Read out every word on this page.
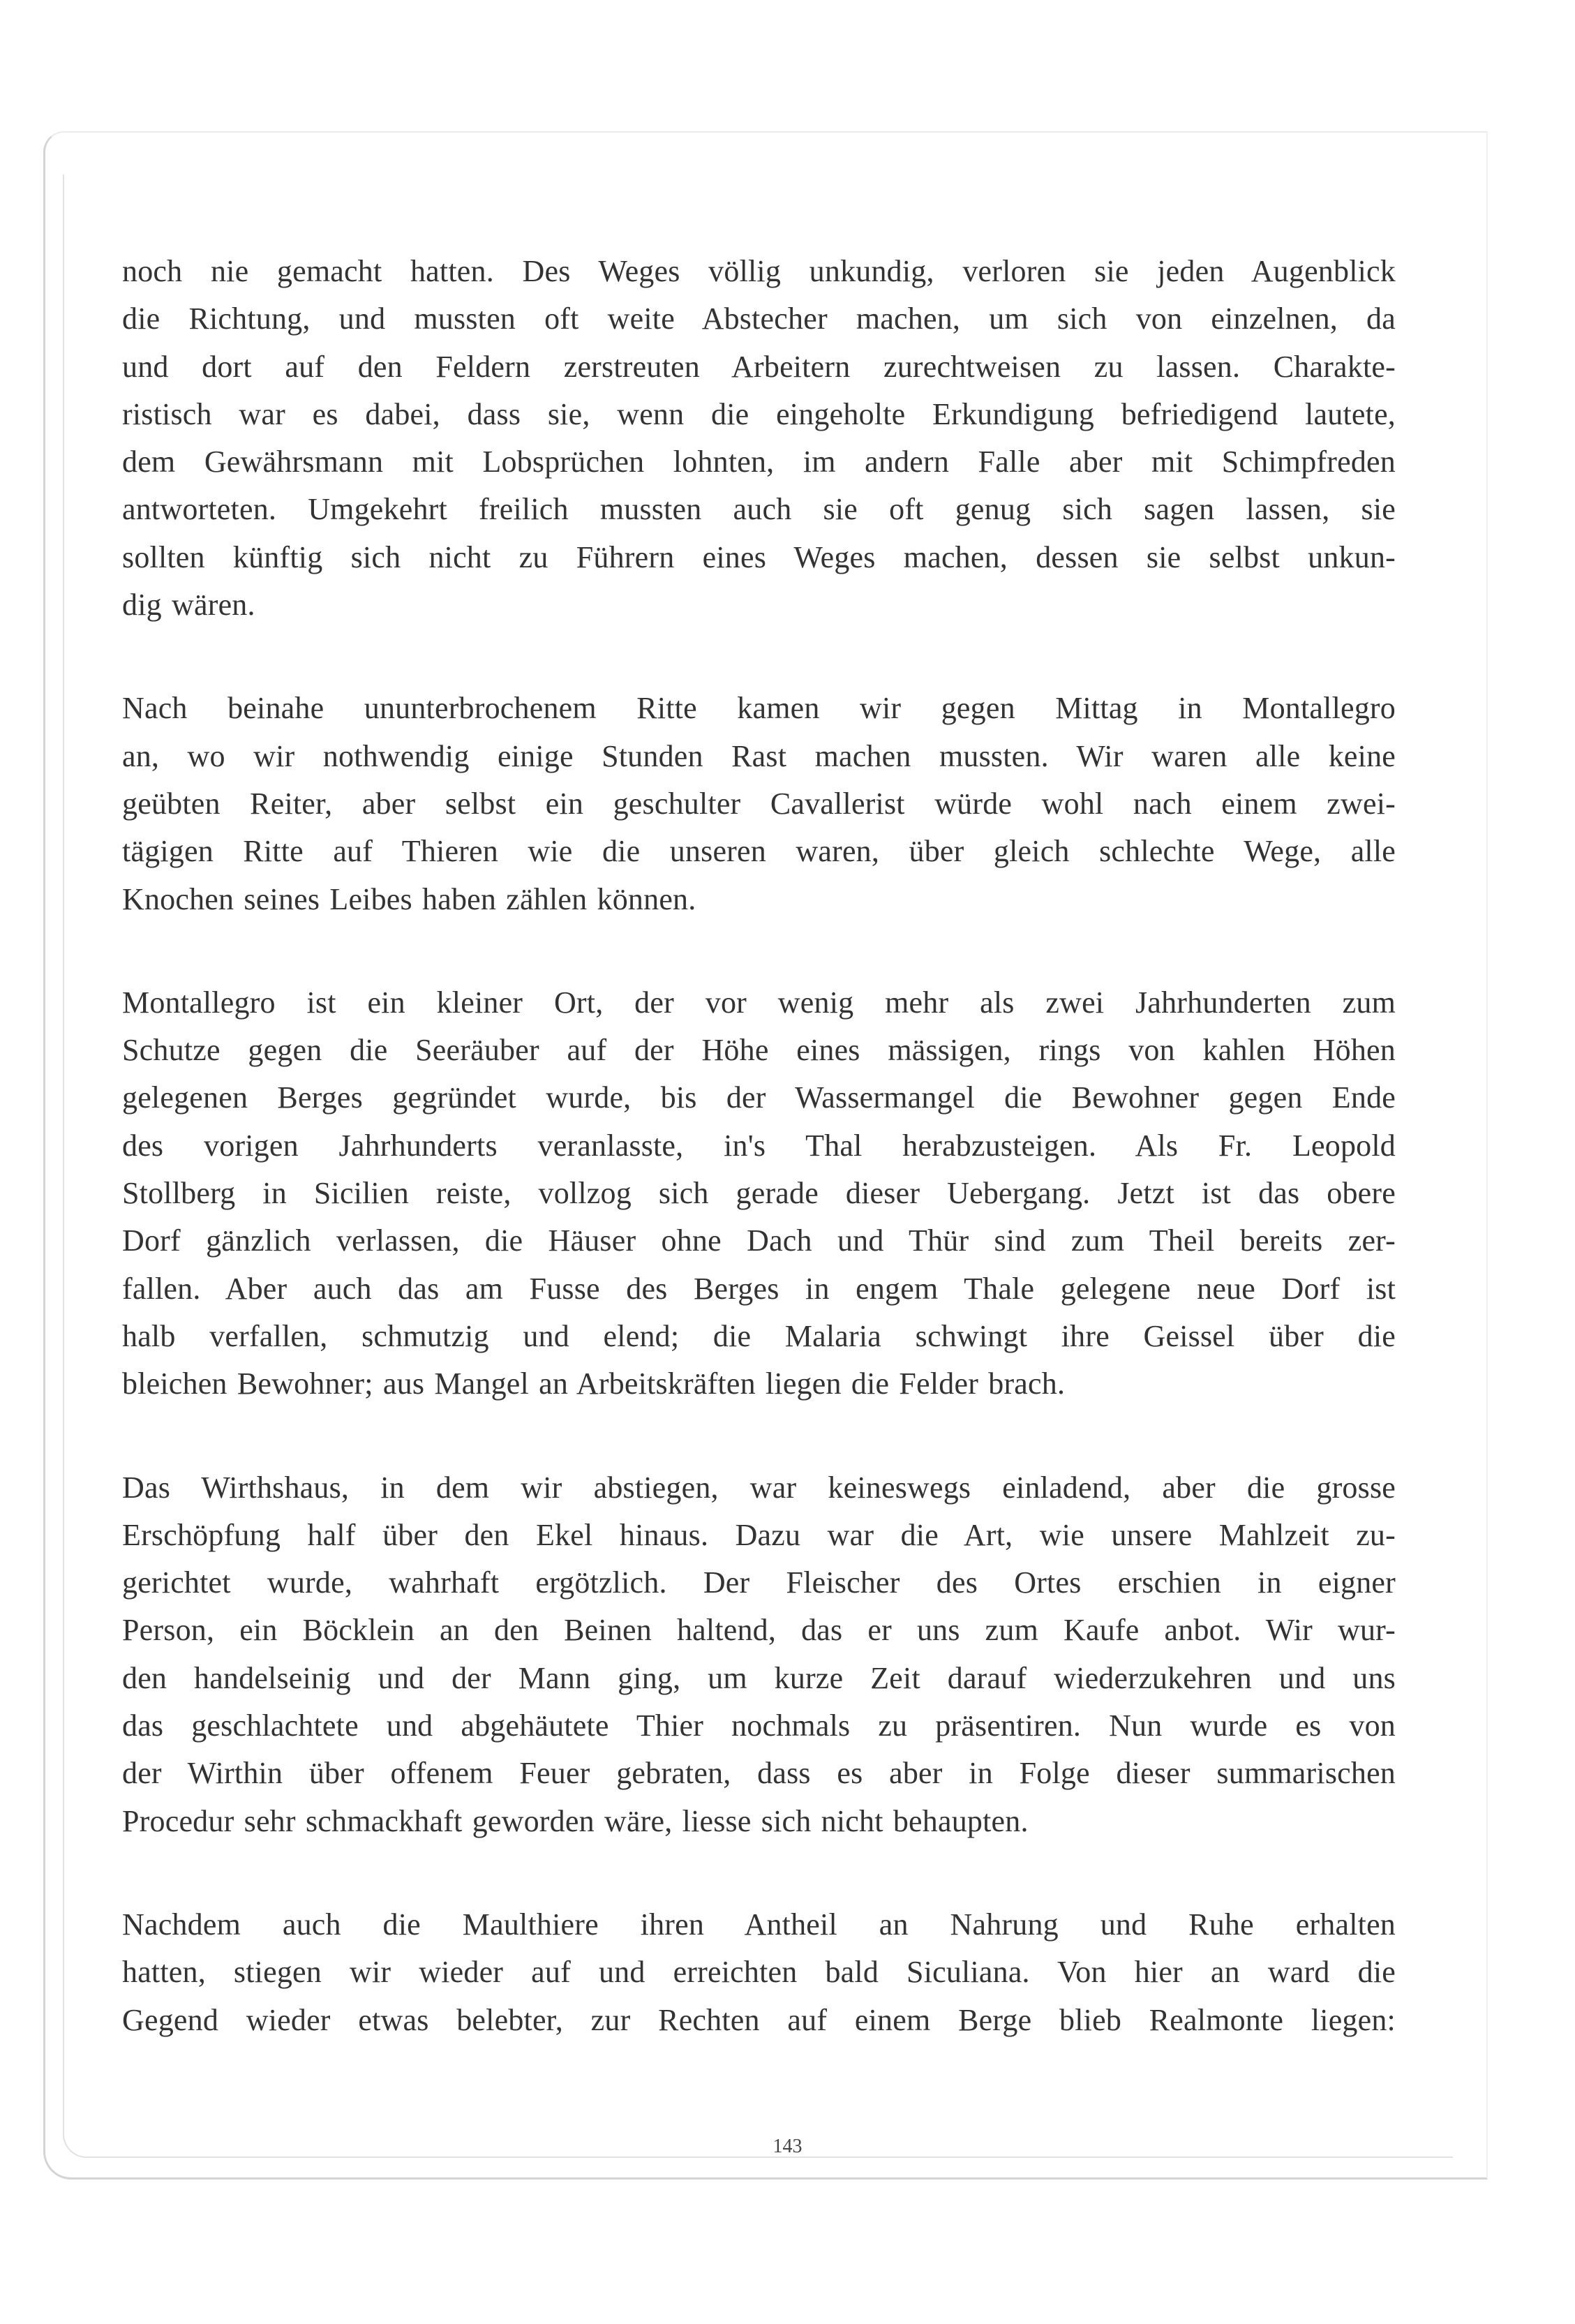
noch nie gemacht hatten. Des Weges völlig unkundig, verloren sie jeden Augenblick
die Richtung, und mussten oft weite Abstecher machen, um sich von einzelnen, da
und dort auf den Feldern zerstreuten Arbeitern zurechtweisen zu lassen. Charakte-
ristisch war es dabei, dass sie, wenn die eingeholte Erkundigung befriedigend lautete,
dem Gewährsmann mit Lobsprüchen lohnten, im andern Falle aber mit Schimpfreden
antworteten. Umgekehrt freilich mussten auch sie oft genug sich sagen lassen, sie
sollten künftig sich nicht zu Führern eines Weges machen, dessen sie selbst unkun-
dig wären.

Nach beinahe ununterbrochenem Ritte kamen wir gegen Mittag in Montallegro
an, wo wir nothwendig einige Stunden Rast machen mussten. Wir waren alle keine
geübten Reiter, aber selbst ein geschulter Cavallerist würde wohl nach einem zwei-
tägigen Ritte auf Thieren wie die unseren waren, über gleich schlechte Wege, alle
Knochen seines Leibes haben zählen können.

Montallegro ist ein kleiner Ort, der vor wenig mehr als zwei Jahrhunderten zum
Schutze gegen die Seeräuber auf der Höhe eines mässigen, rings von kahlen Höhen
gelegenen Berges gegründet wurde, bis der Wassermangel die Bewohner gegen Ende
des vorigen Jahrhunderts veranlasste, in's Thal herabzusteigen. Als Fr. Leopold
Stollberg in Sicilien reiste, vollzog sich gerade dieser Uebergang. Jetzt ist das obere
Dorf gänzlich verlassen, die Häuser ohne Dach und Thür sind zum Theil bereits zer-
fallen. Aber auch das am Fusse des Berges in engem Thale gelegene neue Dorf ist
halb verfallen, schmutzig und elend; die Malaria schwingt ihre Geissel über die
bleichen Bewohner; aus Mangel an Arbeitskräften liegen die Felder brach.

Das Wirthshaus, in dem wir abstiegen, war keineswegs einladend, aber die grosse
Erschöpfung half über den Ekel hinaus. Dazu war die Art, wie unsere Mahlzeit zu-
gerichtet wurde, wahrhaft ergötzlich. Der Fleischer des Ortes erschien in eigner
Person, ein Böcklein an den Beinen haltend, das er uns zum Kaufe anbot. Wir wur-
den handelseinig und der Mann ging, um kurze Zeit darauf wiederzukehren und uns
das geschlachtete und abgehäutete Thier nochmals zu präsentiren. Nun wurde es von
der Wirthin über offenem Feuer gebraten, dass es aber in Folge dieser summarischen
Procedur sehr schmackhaft geworden wäre, liesse sich nicht behaupten.

Nachdem auch die Maulthiere ihren Antheil an Nahrung und Ruhe erhalten
hatten, stiegen wir wieder auf und erreichten bald Siculiana. Von hier an ward die
Gegend wieder etwas belebter, zur Rechten auf einem Berge blieb Realmonte liegen:

143
